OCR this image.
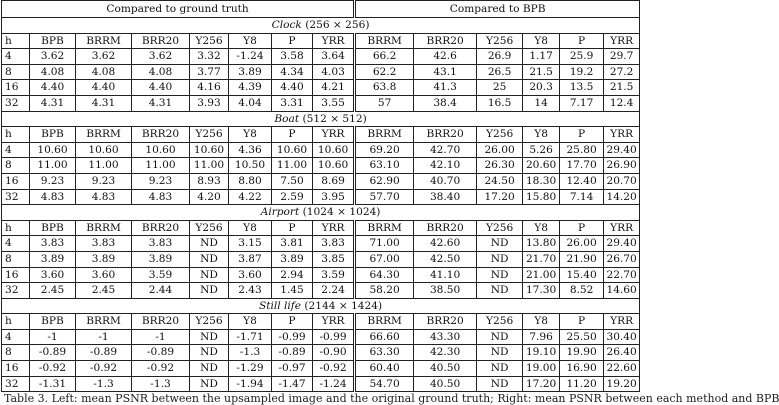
Compared to ground truth								Compared to BPB					
Clock (256 × 256)													
h	BPB	BRRM	BRR20	Y256	Y8	P	YRR	BRRM	BRR20	Y256	Y8	P	YRR
4	3.62	3.62	3.62	3.32	-1.24	3.58	3.64	66.2	42.6	26.9	1.17	25.9	29.7
8	4.08	4.08	4.08	3.77	3.89	4.34	4.03	62.2	43.1	26.5	21.5	19.2	27.2
16	4.40	4.40	4.40	4.16	4.39	4.40	4.21	63.8	41.3	25	20.3	13.5	21.5
32	4.31	4.31	4.31	3.93	4.04	3.31	3.55	57	38.4	16.5	14	7.17	12.4
Boat (512 × 512)													
h	BPB	BRRM	BRR20	Y256	Y8	P	YRR	BRRM	BRR20	Y256	Y8	P	YRR
4	10.60	10.60	10.60	10.60	4.36	10.60	10.60	69.20	42.70	26.00	5.26	25.80	29.40
8	11.00	11.00	11.00	11.00	10.50	11.00	10.60	63.10	42.10	26.30	20.60	17.70	26.90
16	9.23	9.23	9.23	8.93	8.80	7.50	8.69	62.90	40.70	24.50	18.30	12.40	20.70
32	4.83	4.83	4.83	4.20	4.22	2.59	3.95	57.70	38.40	17.20	15.80	7.14	14.20
Airport (1024 × 1024)													
h	BPB	BRRM	BRR20	Y256	Y8	P	YRR	BRRM	BRR20	Y256	Y8	P	YRR
4	3.83	3.83	3.83	ND	3.15	3.81	3.83	71.00	42.60	ND	13.80	26.00	29.40
8	3.89	3.89	3.89	ND	3.87	3.89	3.85	67.00	42.50	ND	21.70	21.90	26.70
16	3.60	3.60	3.59	ND	3.60	2.94	3.59	64.30	41.10	ND	21.00	15.40	22.70
32	2.45	2.45	2.44	ND	2.43	1.45	2.24	58.20	38.50	ND	17.30	8.52	14.60
Still life (2144 × 1424)													
h	BPB	BRRM	BRR20	Y256	Y8	P	YRR	BRRM	BRR20	Y256	Y8	P	YRR
4	-1	-1	-1	ND	-1.71	-0.99	-0.99	66.60	43.30	ND	7.96	25.50	30.40
8	-0.89	-0.89	-0.89	ND	-1.3	-0.89	-0.90	63.30	42.30	ND	19.10	19.90	26.40
16	-0.92	-0.92	-0.92	ND	-1.29	-0.97	-0.92	60.40	40.50	ND	19.00	16.90	22.60
32	-1.31	-1.3	-1.3	ND	-1.94	-1.47	-1.24	54.70	40.50	ND	17.20	11.20	19.20
Table 3. Left: mean PSNR between the upsampled image and the original ground truth; Right: mean PSNR between each method and BPB
